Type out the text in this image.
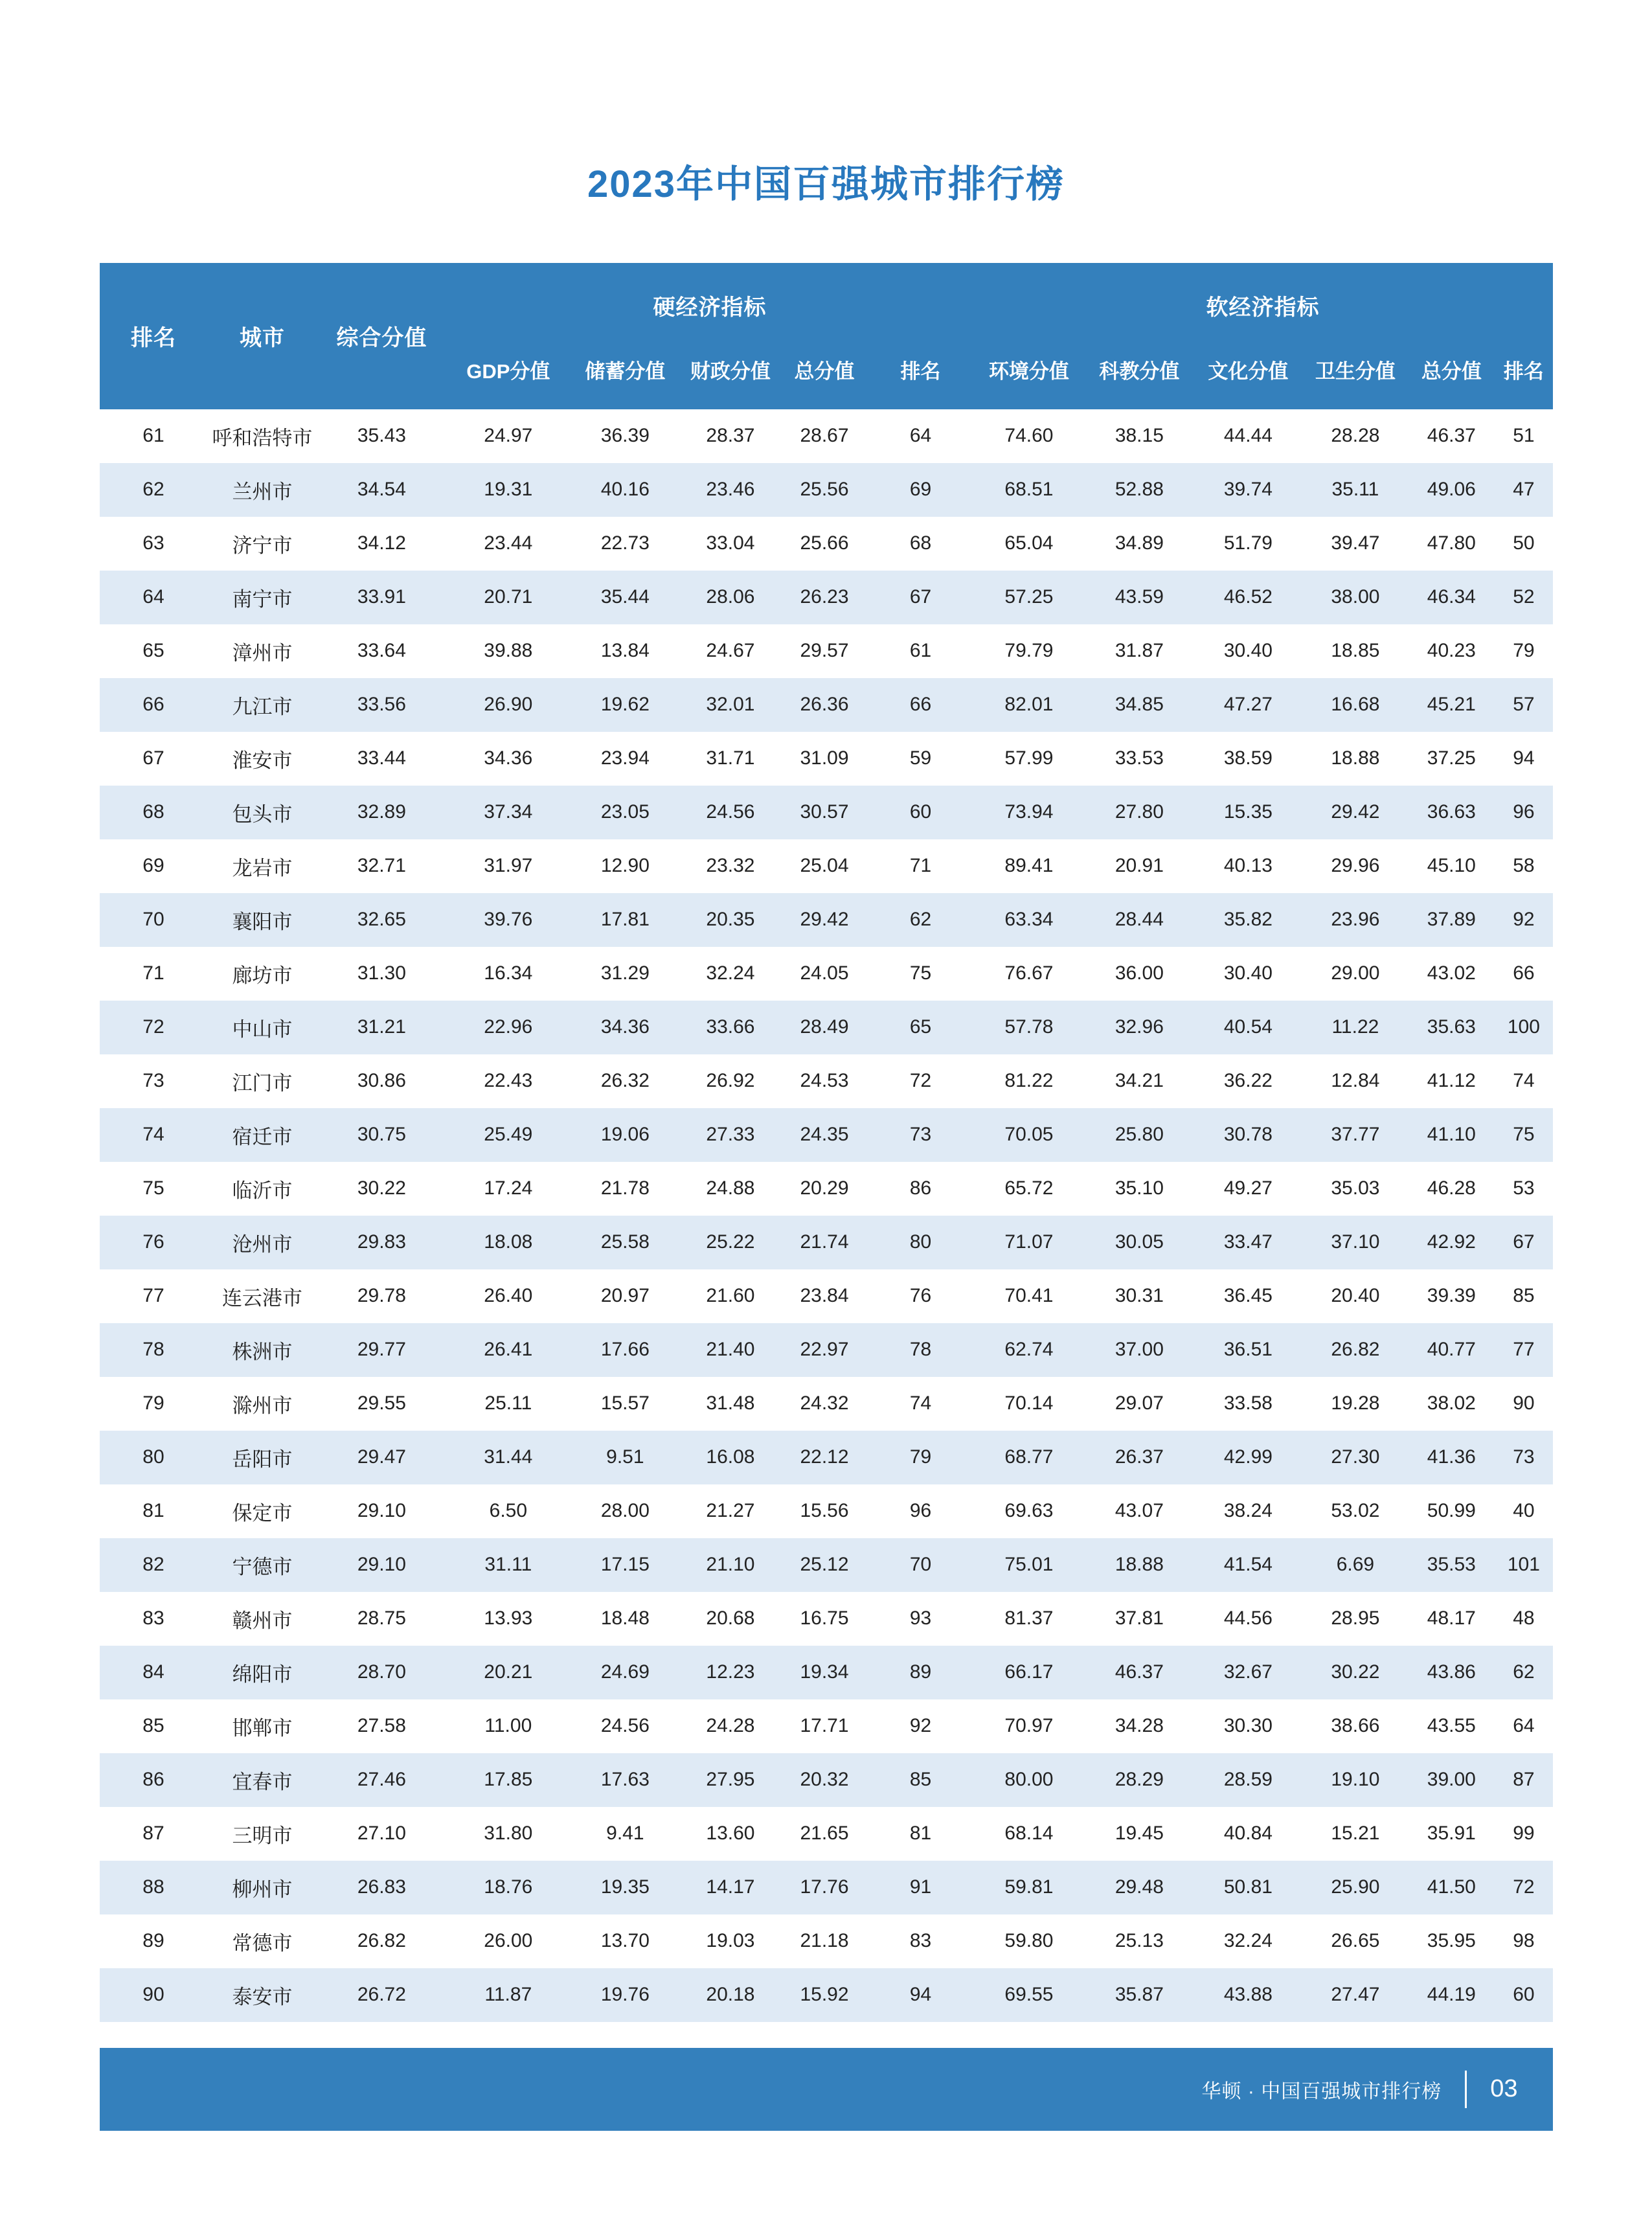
2023年中国百强城市排行榜
排名	城市	综合分值	硬经济指标					软经济指标					
			GDP分值	储蓄分值	财政分值	总分值	排名	环境分值	科教分值	文化分值	卫生分值	总分值	排名
61	呼和浩特市	35.43	24.97	36.39	28.37	28.67	64	74.60	38.15	44.44	28.28	46.37	51
62	兰州市	34.54	19.31	40.16	23.46	25.56	69	68.51	52.88	39.74	35.11	49.06	47
63	济宁市	34.12	23.44	22.73	33.04	25.66	68	65.04	34.89	51.79	39.47	47.80	50
64	南宁市	33.91	20.71	35.44	28.06	26.23	67	57.25	43.59	46.52	38.00	46.34	52
65	漳州市	33.64	39.88	13.84	24.67	29.57	61	79.79	31.87	30.40	18.85	40.23	79
66	九江市	33.56	26.90	19.62	32.01	26.36	66	82.01	34.85	47.27	16.68	45.21	57
67	淮安市	33.44	34.36	23.94	31.71	31.09	59	57.99	33.53	38.59	18.88	37.25	94
68	包头市	32.89	37.34	23.05	24.56	30.57	60	73.94	27.80	15.35	29.42	36.63	96
69	龙岩市	32.71	31.97	12.90	23.32	25.04	71	89.41	20.91	40.13	29.96	45.10	58
70	襄阳市	32.65	39.76	17.81	20.35	29.42	62	63.34	28.44	35.82	23.96	37.89	92
71	廊坊市	31.30	16.34	31.29	32.24	24.05	75	76.67	36.00	30.40	29.00	43.02	66
72	中山市	31.21	22.96	34.36	33.66	28.49	65	57.78	32.96	40.54	11.22	35.63	100
73	江门市	30.86	22.43	26.32	26.92	24.53	72	81.22	34.21	36.22	12.84	41.12	74
74	宿迁市	30.75	25.49	19.06	27.33	24.35	73	70.05	25.80	30.78	37.77	41.10	75
75	临沂市	30.22	17.24	21.78	24.88	20.29	86	65.72	35.10	49.27	35.03	46.28	53
76	沧州市	29.83	18.08	25.58	25.22	21.74	80	71.07	30.05	33.47	37.10	42.92	67
77	连云港市	29.78	26.40	20.97	21.60	23.84	76	70.41	30.31	36.45	20.40	39.39	85
78	株洲市	29.77	26.41	17.66	21.40	22.97	78	62.74	37.00	36.51	26.82	40.77	77
79	滁州市	29.55	25.11	15.57	31.48	24.32	74	70.14	29.07	33.58	19.28	38.02	90
80	岳阳市	29.47	31.44	9.51	16.08	22.12	79	68.77	26.37	42.99	27.30	41.36	73
81	保定市	29.10	6.50	28.00	21.27	15.56	96	69.63	43.07	38.24	53.02	50.99	40
82	宁德市	29.10	31.11	17.15	21.10	25.12	70	75.01	18.88	41.54	6.69	35.53	101
83	赣州市	28.75	13.93	18.48	20.68	16.75	93	81.37	37.81	44.56	28.95	48.17	48
84	绵阳市	28.70	20.21	24.69	12.23	19.34	89	66.17	46.37	32.67	30.22	43.86	62
85	邯郸市	27.58	11.00	24.56	24.28	17.71	92	70.97	34.28	30.30	38.66	43.55	64
86	宜春市	27.46	17.85	17.63	27.95	20.32	85	80.00	28.29	28.59	19.10	39.00	87
87	三明市	27.10	31.80	9.41	13.60	21.65	81	68.14	19.45	40.84	15.21	35.91	99
88	柳州市	26.83	18.76	19.35	14.17	17.76	91	59.81	29.48	50.81	25.90	41.50	72
89	常德市	26.82	26.00	13.70	19.03	21.18	83	59.80	25.13	32.24	26.65	35.95	98
90	泰安市	26.72	11.87	19.76	20.18	15.92	94	69.55	35.87	43.88	27.47	44.19	60
华顿 · 中国百强城市排行榜 03
